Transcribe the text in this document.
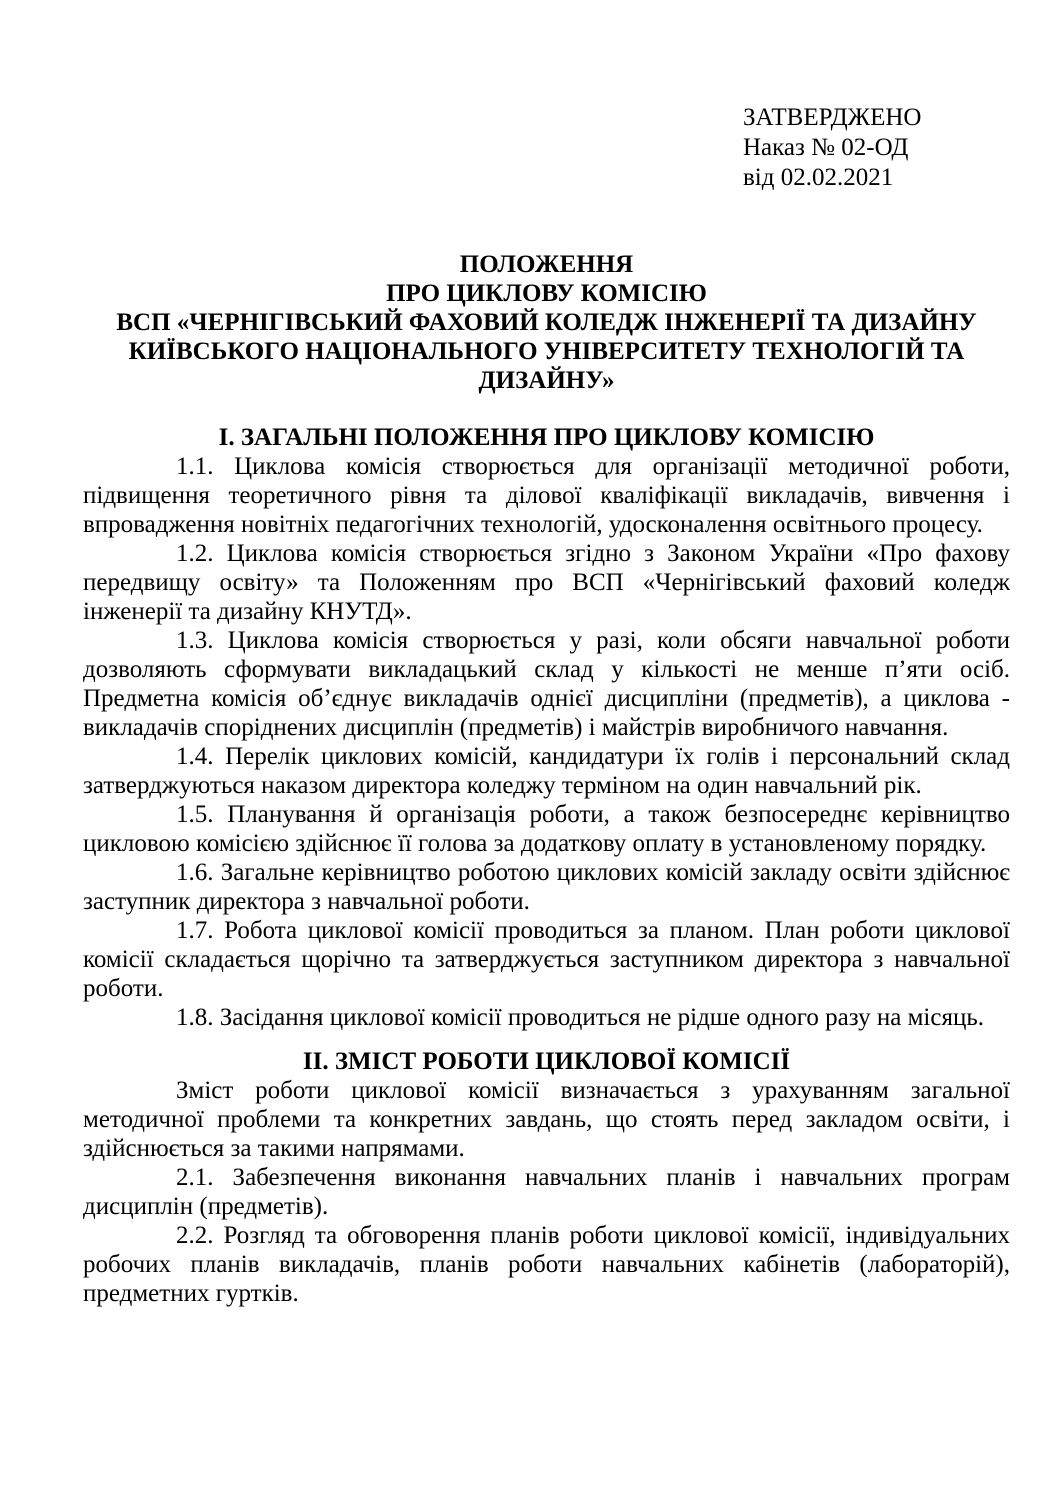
ЗАТВЕРДЖЕНО
Наказ № 02-ОД
від 02.02.2021
ПОЛОЖЕННЯ
ПРО ЦИКЛОВУ КОМІСІЮ
ВСП «ЧЕРНІГІВСЬКИЙ ФАХОВИЙ КОЛЕДЖ ІНЖЕНЕРІЇ ТА ДИЗАЙНУ
КИЇВСЬКОГО НАЦІОНАЛЬНОГО УНІВЕРСИТЕТУ ТЕХНОЛОГІЙ ТА
ДИЗАЙНУ»
І. ЗАГАЛЬНІ ПОЛОЖЕННЯ ПРО ЦИКЛОВУ КОМІСІЮ

1.1. Циклова комісія створюється для організації методичної роботи, підвищення теоретичного рівня та ділової кваліфікації викладачів, вивчення і впровадження новітніх педагогічних технологій, удосконалення освітнього процесу.

1.2. Циклова комісія створюється згідно з Законом України «Про фахову передвищу освіту» та Положенням про ВСП «Чернігівський фаховий коледж інженерії та дизайну КНУТД».

1.3. Циклова комісія створюється у разі, коли обсяги навчальної роботи дозволяють сформувати викладацький склад у кількості не менше п’яти осіб. Предметна комісія об’єднує викладачів однієї дисципліни (предметів), а циклова - викладачів споріднених дисциплін (предметів) і майстрів виробничого навчання.

1.4. Перелік циклових комісій, кандидатури їх голів і персональний склад затверджуються наказом директора коледжу терміном на один навчальний рік.

1.5. Планування й організація роботи, а також безпосереднє керівництво цикловою комісією здійснює її голова за додаткову оплату в установленому порядку.

1.6. Загальне керівництво роботою циклових комісій закладу освіти здійснює заступник директора з навчальної роботи.

1.7. Робота циклової комісії проводиться за планом. План роботи циклової комісії складається щорічно та затверджується заступником директора з навчальної роботи.

1.8. Засідання циклової комісії проводиться не рідше одного разу на місяць.

ІІ. ЗМІСТ РОБОТИ ЦИКЛОВОЇ КОМІСІЇ

Зміст роботи циклової комісії визначається з урахуванням загальної методичної проблеми та конкретних завдань, що стоять перед закладом освіти, і здійснюється за такими напрямами.

2.1. Забезпечення виконання навчальних планів і навчальних програм дисциплін (предметів).

2.2. Розгляд та обговорення планів роботи циклової комісії, індивідуальних робочих планів викладачів, планів роботи навчальних кабінетів (лабораторій), предметних гуртків.
